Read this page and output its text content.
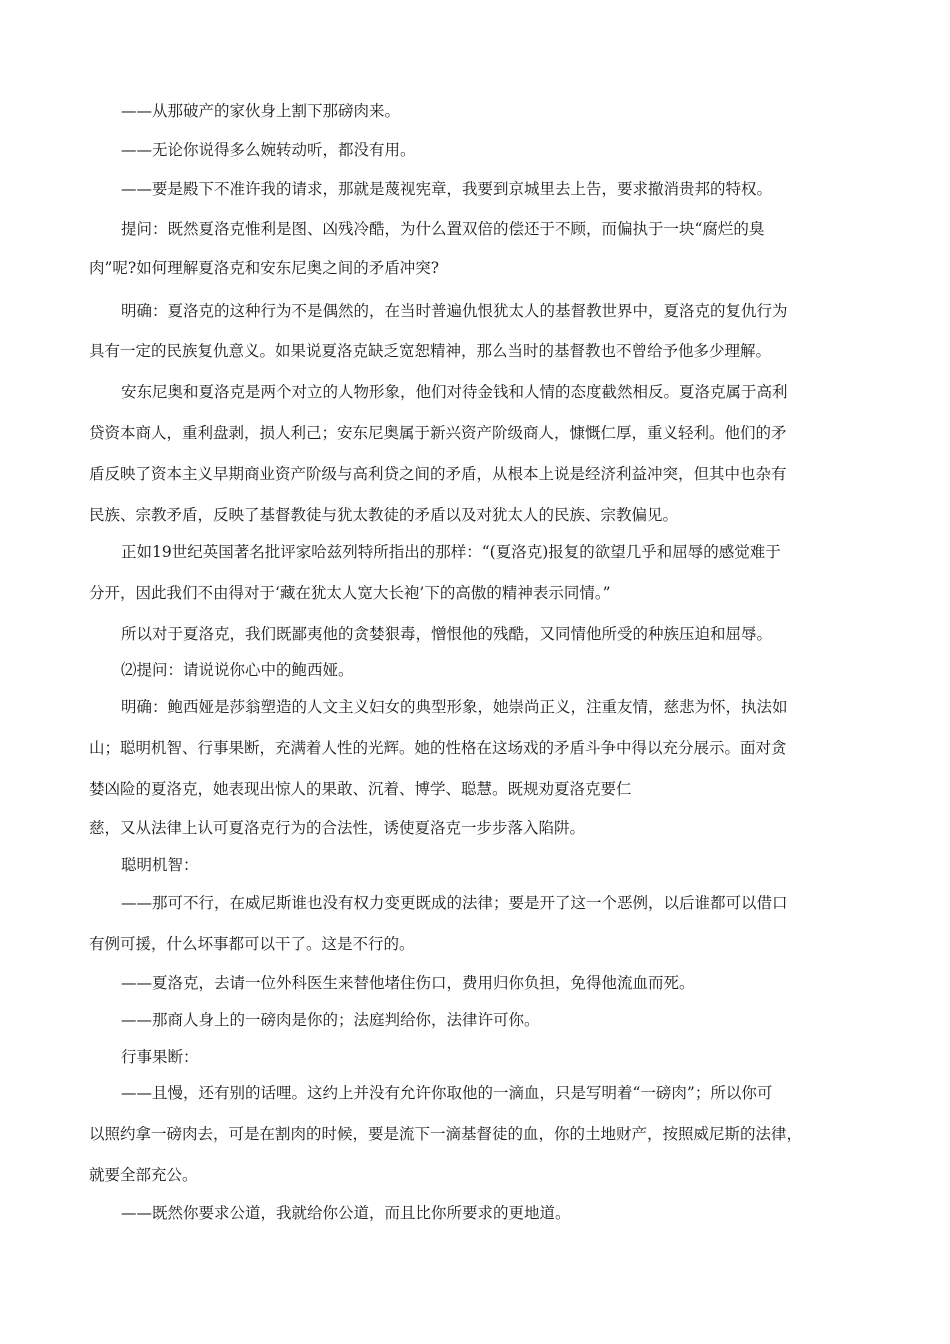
——从那破产的家伙身上割下那磅肉来。
——无论你说得多么婉转动听，都没有用。
——要是殿下不准许我的请求，那就是蔑视宪章，我要到京城里去上告，要求撤消贵邦的特权。
提问：既然夏洛克惟利是图、凶残冷酷，为什么置双倍的偿还于不顾，而偏执于一块“腐烂的臭
肉”呢?如何理解夏洛克和安东尼奥之间的矛盾冲突?
明确：夏洛克的这种行为不是偶然的，在当时普遍仇恨犹太人的基督教世界中，夏洛克的复仇行为
具有一定的民族复仇意义。如果说夏洛克缺乏宽恕精神，那么当时的基督教也不曾给予他多少理解。
安东尼奥和夏洛克是两个对立的人物形象，他们对待金钱和人情的态度截然相反。夏洛克属于高利
贷资本商人，重利盘剥，损人利己；安东尼奥属于新兴资产阶级商人，慷慨仁厚，重义轻利。他们的矛
盾反映了资本主义早期商业资产阶级与高利贷之间的矛盾，从根本上说是经济利益冲突，但其中也杂有
民族、宗教矛盾，反映了基督教徒与犹太教徒的矛盾以及对犹太人的民族、宗教偏见。
正如19世纪英国著名批评家哈兹列特所指出的那样：“(夏洛克)报复的欲望几乎和屈辱的感觉难于
分开，因此我们不由得对于‘藏在犹太人宽大长袍’下的高傲的精神表示同情。”
所以对于夏洛克，我们既鄙夷他的贪婪狠毒，憎恨他的残酷，又同情他所受的种族压迫和屈辱。
⑵提问：请说说你心中的鲍西娅。
明确：鲍西娅是莎翁塑造的人文主义妇女的典型形象，她崇尚正义，注重友情，慈悲为怀，执法如
山；聪明机智、行事果断，充满着人性的光辉。她的性格在这场戏的矛盾斗争中得以充分展示。面对贪
婪凶险的夏洛克，她表现出惊人的果敢、沉着、博学、聪慧。既规劝夏洛克要仁
慈，又从法律上认可夏洛克行为的合法性，诱使夏洛克一步步落入陷阱。
聪明机智：
——那可不行，在威尼斯谁也没有权力变更既成的法律；要是开了这一个恶例，以后谁都可以借口
有例可援，什么坏事都可以干了。这是不行的。
——夏洛克，去请一位外科医生来替他堵住伤口，费用归你负担，免得他流血而死。
——那商人身上的一磅肉是你的；法庭判给你，法律许可你。
行事果断：
——且慢，还有别的话哩。这约上并没有允许你取他的一滴血，只是写明着“一磅肉”；所以你可
以照约拿一磅肉去，可是在割肉的时候，要是流下一滴基督徒的血，你的土地财产，按照威尼斯的法律，
就要全部充公。
——既然你要求公道，我就给你公道，而且比你所要求的更地道。
